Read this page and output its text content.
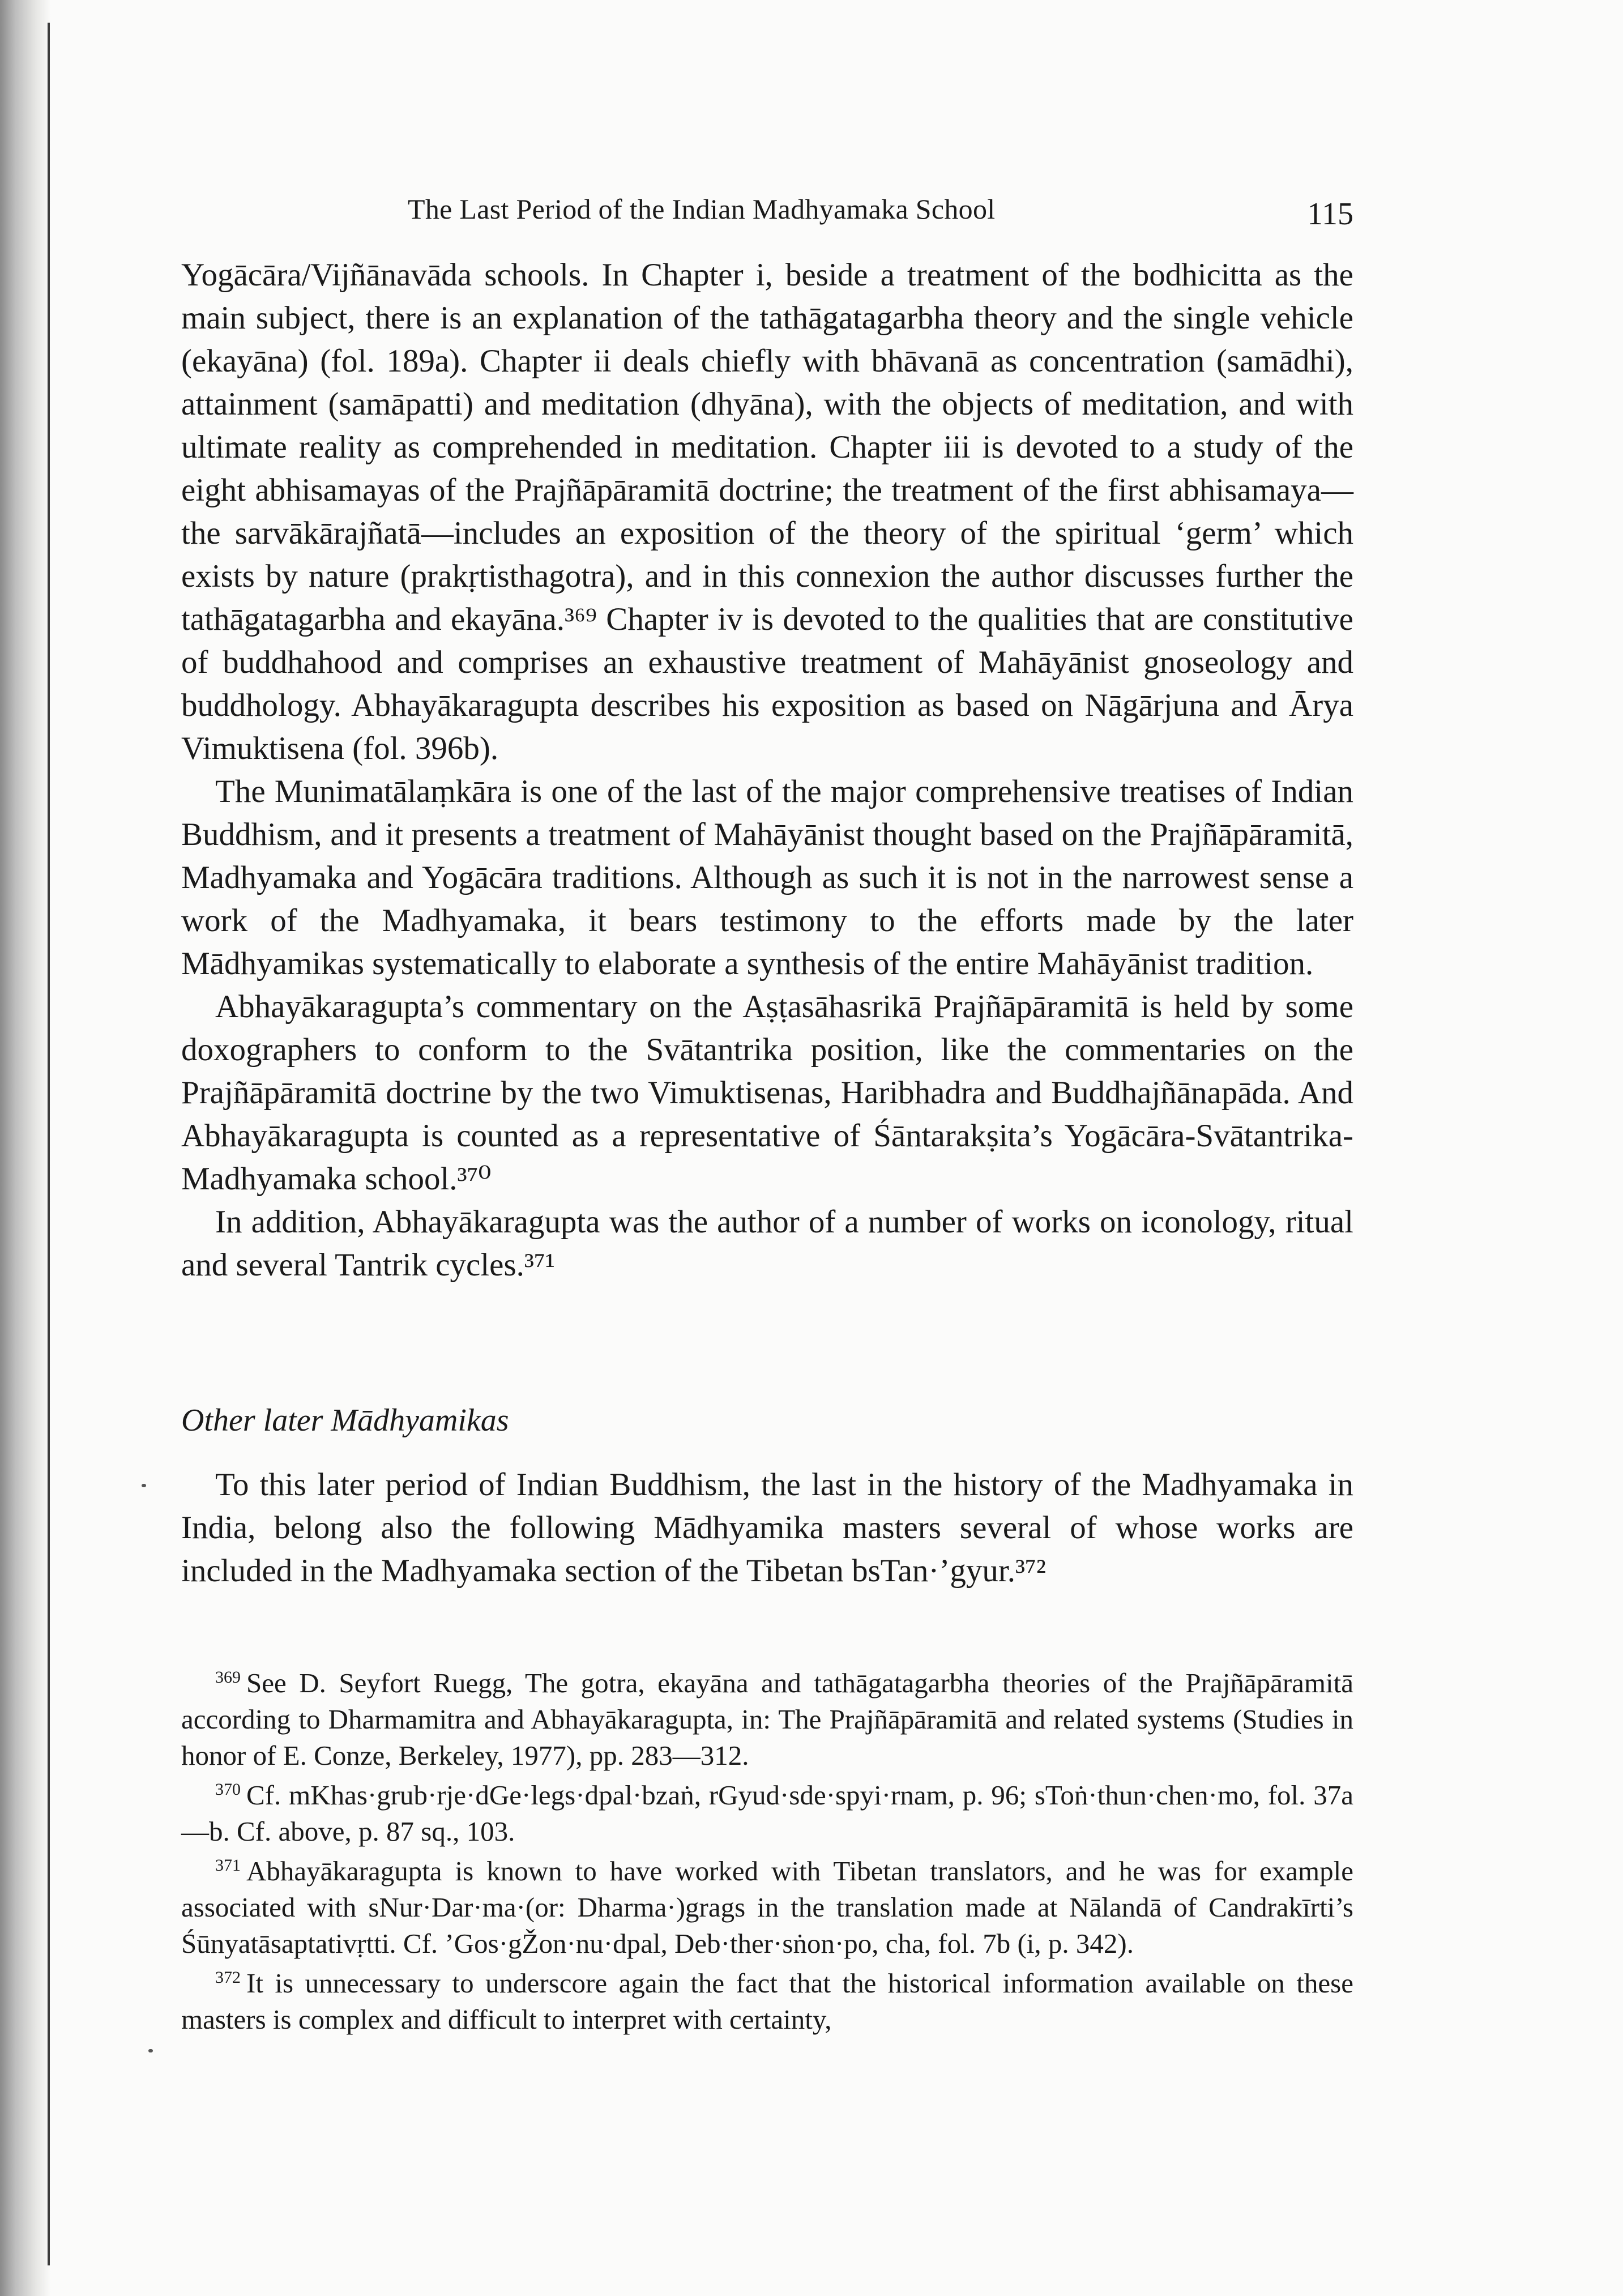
The Last Period of the Indian Madhyamaka School	115

Yogācāra/Vijñānavāda schools. In Chapter i, beside a treatment of the bodhicitta as the main subject, there is an explanation of the tathāgatagarbha theory and the single vehicle (ekayāna) (fol. 189a). Chapter ii deals chiefly with bhāvanā as concentration (samādhi), attainment (samāpatti) and meditation (dhyāna), with the objects of meditation, and with ultimate reality as comprehended in meditation. Chapter iii is devoted to a study of the eight abhisamayas of the Prajñāpāramitā doctrine; the treatment of the first abhisamaya—the sarvākārajñatā—includes an exposition of the theory of the spiritual ‘germ’ which exists by nature (prakṛtisthagotra), and in this connexion the author discusses further the tathāgatagarbha and ekayāna.³⁶⁹ Chapter iv is devoted to the qualities that are constitutive of buddhahood and comprises an exhaustive treatment of Mahāyānist gnoseology and buddhology. Abhayākaragupta describes his exposition as based on Nāgārjuna and Ārya Vimuktisena (fol. 396b).

The Munimatālaṃkāra is one of the last of the major comprehensive treatises of Indian Buddhism, and it presents a treatment of Mahāyānist thought based on the Prajñāpāramitā, Madhyamaka and Yogācāra traditions. Although as such it is not in the narrowest sense a work of the Madhyamaka, it bears testimony to the efforts made by the later Mādhyamikas systematically to elaborate a synthesis of the entire Mahāyānist tradition.

Abhayākaragupta’s commentary on the Aṣṭasāhasrikā Prajñāpāramitā is held by some doxographers to conform to the Svātantrika position, like the commentaries on the Prajñāpāramitā doctrine by the two Vimuktisenas, Haribhadra and Buddhajñānapāda. And Abhayākaragupta is counted as a representative of Śāntarakṣita’s Yogācāra-Svātantrika-Madhyamaka school.³⁷⁰

In addition, Abhayākaragupta was the author of a number of works on iconology, ritual and several Tantrik cycles.³⁷¹

Other later Mādhyamikas

To this later period of Indian Buddhism, the last in the history of the Madhyamaka in India, belong also the following Mādhyamika masters several of whose works are included in the Madhyamaka section of the Tibetan bsTan·’gyur.³⁷²

$^{369}$ See D. Seyfort Ruegg, The gotra, ekayāna and tathāgatagarbha theories of the Prajñāpāramitā according to Dharmamitra and Abhayākaragupta, in: The Prajñāpāramitā and related systems (Studies in honor of E. Conze, Berkeley, 1977), pp. 283—312.

$^{370}$ Cf. mKhas·grub·rje·dGe·legs·dpal·bzaṅ, rGyud·sde·spyi·rnam, p. 96; sToṅ·thun·chen·mo, fol. 37a—b. Cf. above, p. 87 sq., 103.

$^{371}$ Abhayākaragupta is known to have worked with Tibetan translators, and he was for example associated with sNur·Dar·ma·(or: Dharma·)grags in the translation made at Nālandā of Candrakīrti’s Śūnyatāsaptativṛtti. Cf. ’Gos·gŽon·nu·dpal, Deb·ther·sṅon·po, cha, fol. 7b (i, p. 342).

$^{372}$ It is unnecessary to underscore again the fact that the historical information available on these masters is complex and difficult to interpret with certainty,
